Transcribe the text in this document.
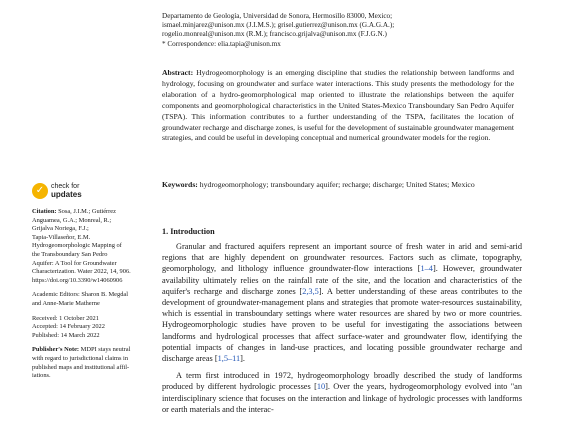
Departamento de Geología, Universidad de Sonora, Hermosillo 83000, Mexico;
ismael.minjarez@unison.mx (J.I.M.S.); grisel.gutierrez@unison.mx (G.A.G.A.);
rogelio.monreal@unison.mx (R.M.); francisco.grijalva@unison.mx (F.J.G.N.)
* Correspondence: elia.tapia@unison.mx
Abstract: Hydrogeomorphology is an emerging discipline that studies the relationship between landforms and hydrology, focusing on groundwater and surface water interactions. This study presents the methodology for the elaboration of a hydro-geomorphological map oriented to illustrate the relationships between the aquifer components and geomorphological characteristics in the United States-Mexico Transboundary San Pedro Aquifer (TSPA). This information contributes to a further understanding of the TSPA, facilitates the location of groundwater recharge and discharge zones, is useful for the development of sustainable groundwater management strategies, and could be useful in developing conceptual and numerical groundwater models for the region.
Keywords: hydrogeomorphology; transboundary aquifer; recharge; discharge; United States; Mexico
✓ check for
updates
Citation: Sosa, J.I.M.; Gutiérrez
Anguamea, G.A.; Monreal, R.;
Grijalva Noriega, F.J.;
Tapia-Villaseñor, E.M.
Hydrogeomorphologic Mapping of
the Transboundary San Pedro
Aquifer: A Tool for Groundwater
Characterization. Water 2022, 14, 906.
https://doi.org/10.3390/w14060906
Academic Editors: Sharon B. Megdal
and Anne-Marie Matherne
Received: 1 October 2021
Accepted: 14 February 2022
Published: 14 March 2022
Publisher's Note: MDPI stays neutral
with regard to jurisdictional claims in
published maps and institutional affil-
iations.
1. Introduction

Granular and fractured aquifers represent an important source of fresh water in arid and semi-arid regions that are highly dependent on groundwater resources. Factors such as climate, topography, geomorphology, and lithology influence groundwater-flow interactions [1–4]. However, groundwater availability ultimately relies on the rainfall rate of the site, and the location and characteristics of the aquifer's recharge and discharge zones [2,3,5]. A better understanding of these areas contributes to the development of groundwater-management plans and strategies that promote water-resources sustainability, which is essential in transboundary settings where water resources are shared by two or more countries. Hydrogeomorphologic studies have proven to be useful for investigating the associations between landforms and hydrological processes that affect surface-water and groundwater flow, identifying the potential impacts of changes in land-use practices, and locating possible groundwater recharge and discharge areas [1,5–11].

A term first introduced in 1972, hydrogeomorphology broadly described the study of landforms produced by different hydrologic processes [10]. Over the years, hydrogeomorphology evolved into "an interdisciplinary science that focuses on the interaction and linkage of hydrologic processes with landforms or earth materials and the interac-
